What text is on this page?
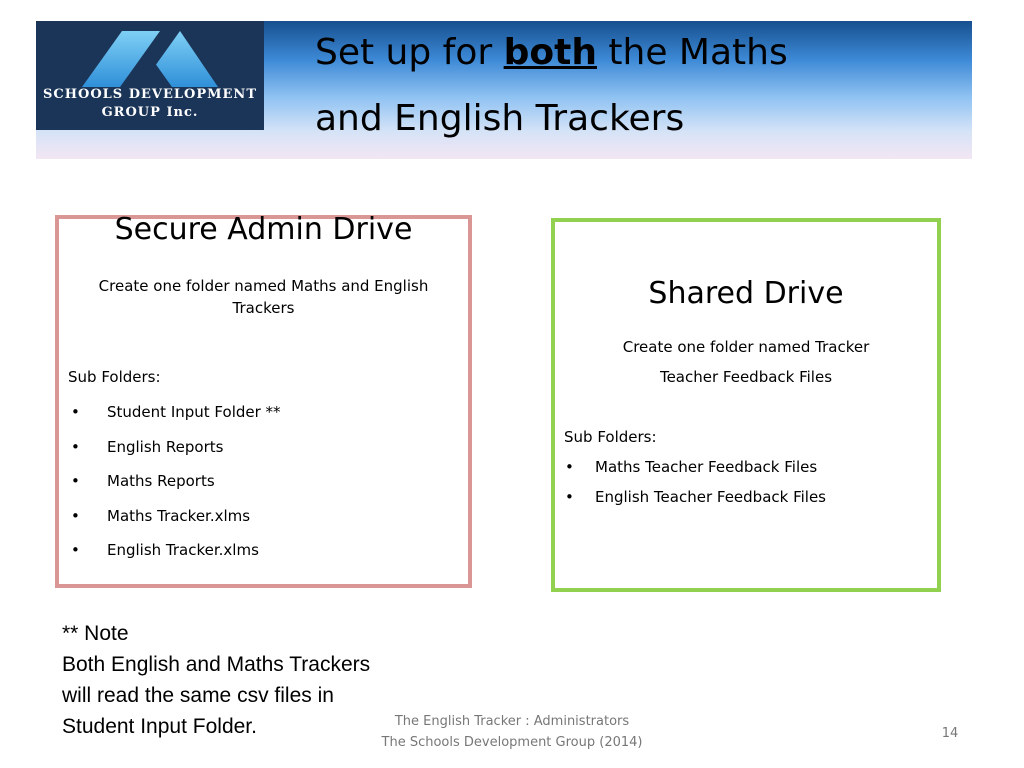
SCHOOLS DEVELOPMENT
GROUP Inc.
Set up for both the Maths
and English Trackers
Secure Admin Drive
Create one folder named Maths and English
Trackers
Sub Folders:
• Student Input Folder **
• English Reports
• Maths Reports
• Maths Tracker.xlms
• English Tracker.xlms
Shared Drive
Create one folder named Tracker
Teacher Feedback Files
Sub Folders:
• Maths Teacher Feedback Files
• English Teacher Feedback Files
** Note
Both English and Maths Trackers
will read the same csv files in
Student Input Folder.	The English Tracker : Administrators
The Schools Development Group (2014)
14
